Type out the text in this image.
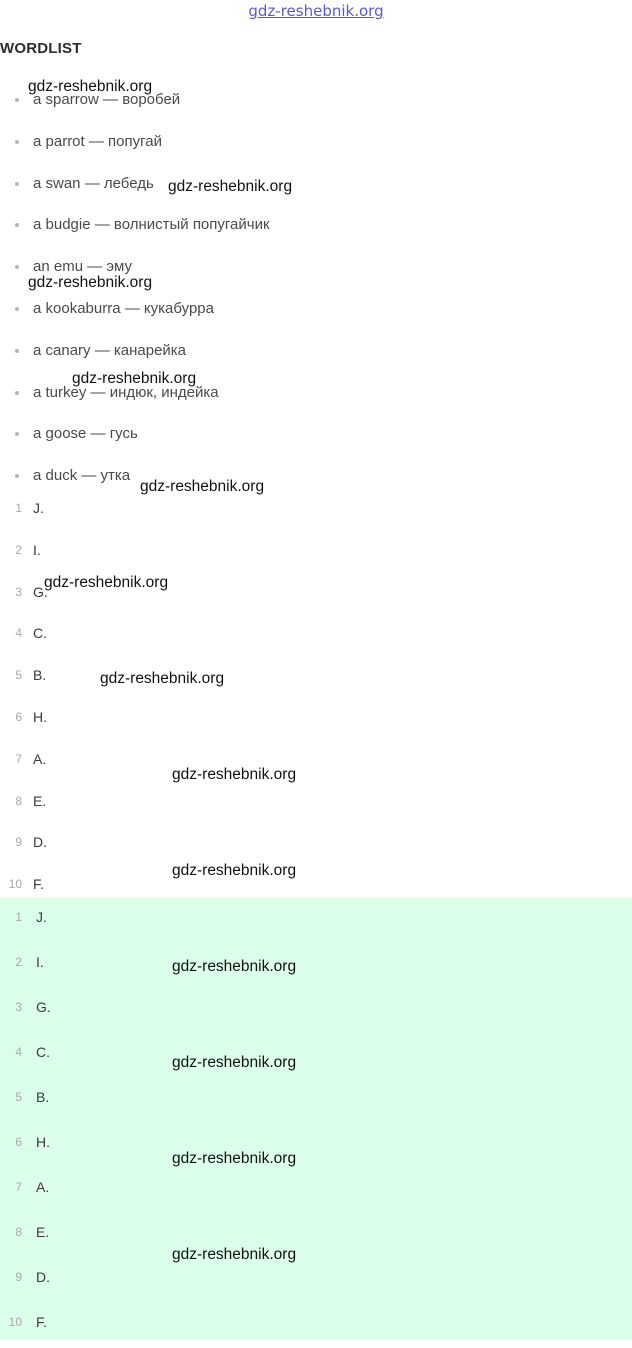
gdz-reshebnik.org
WORDLIST
a sparrow — воробей
a parrot — попугай
a swan — лебедь
a budgie — волнистый попугайчик
an emu — эму
a kookaburra — кукабурра
a canary — канарейка
a turkey — индюк, индейка
a goose — гусь
a duck — утка
1 J.
2 I.
3 G.
4 C.
5 B.
6 H.
7 A.
8 E.
9 D.
10 F.
1 J.
2 I.
3 G.
4 C.
5 B.
6 H.
7 A.
8 E.
9 D.
10 F.
gdz-reshebnik.org
gdz-reshebnik.org
gdz-reshebnik.org
gdz-reshebnik.org
gdz-reshebnik.org
gdz-reshebnik.org
gdz-reshebnik.org
gdz-reshebnik.org
gdz-reshebnik.org
gdz-reshebnik.org
gdz-reshebnik.org
gdz-reshebnik.org
gdz-reshebnik.org
